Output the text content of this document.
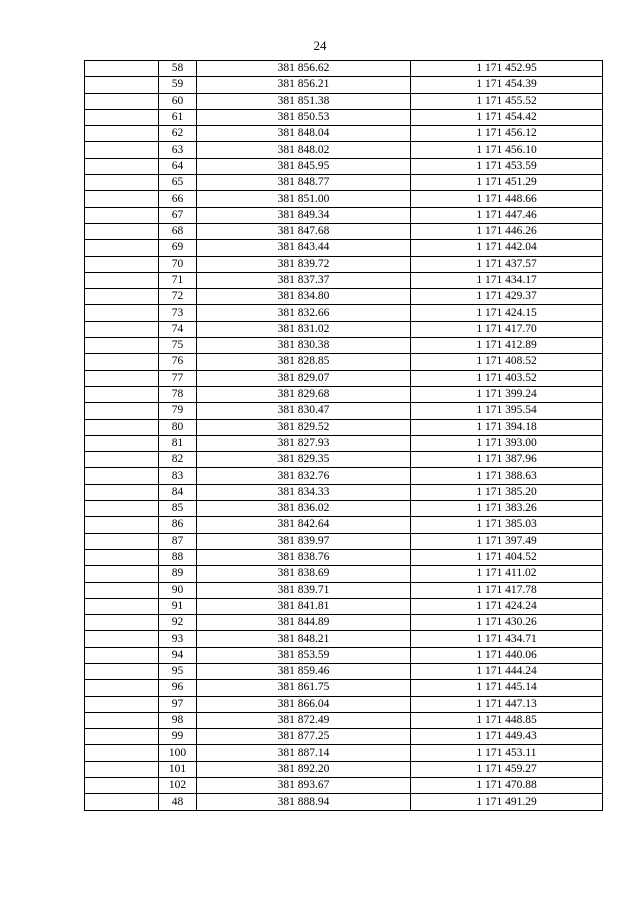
24
	58	381 856.62	1 171 452.95
	59	381 856.21	1 171 454.39
	60	381 851.38	1 171 455.52
	61	381 850.53	1 171 454.42
	62	381 848.04	1 171 456.12
	63	381 848.02	1 171 456.10
	64	381 845.95	1 171 453.59
	65	381 848.77	1 171 451.29
	66	381 851.00	1 171 448.66
	67	381 849.34	1 171 447.46
	68	381 847.68	1 171 446.26
	69	381 843.44	1 171 442.04
	70	381 839.72	1 171 437.57
	71	381 837.37	1 171 434.17
	72	381 834.80	1 171 429.37
	73	381 832.66	1 171 424.15
	74	381 831.02	1 171 417.70
	75	381 830.38	1 171 412.89
	76	381 828.85	1 171 408.52
	77	381 829.07	1 171 403.52
	78	381 829.68	1 171 399.24
	79	381 830.47	1 171 395.54
	80	381 829.52	1 171 394.18
	81	381 827.93	1 171 393.00
	82	381 829.35	1 171 387.96
	83	381 832.76	1 171 388.63
	84	381 834.33	1 171 385.20
	85	381 836.02	1 171 383.26
	86	381 842.64	1 171 385.03
	87	381 839.97	1 171 397.49
	88	381 838.76	1 171 404.52
	89	381 838.69	1 171 411.02
	90	381 839.71	1 171 417.78
	91	381 841.81	1 171 424.24
	92	381 844.89	1 171 430.26
	93	381 848.21	1 171 434.71
	94	381 853.59	1 171 440.06
	95	381 859.46	1 171 444.24
	96	381 861.75	1 171 445.14
	97	381 866.04	1 171 447.13
	98	381 872.49	1 171 448.85
	99	381 877.25	1 171 449.43
	100	381 887.14	1 171 453.11
	101	381 892.20	1 171 459.27
	102	381 893.67	1 171 470.88
	48	381 888.94	1 171 491.29
